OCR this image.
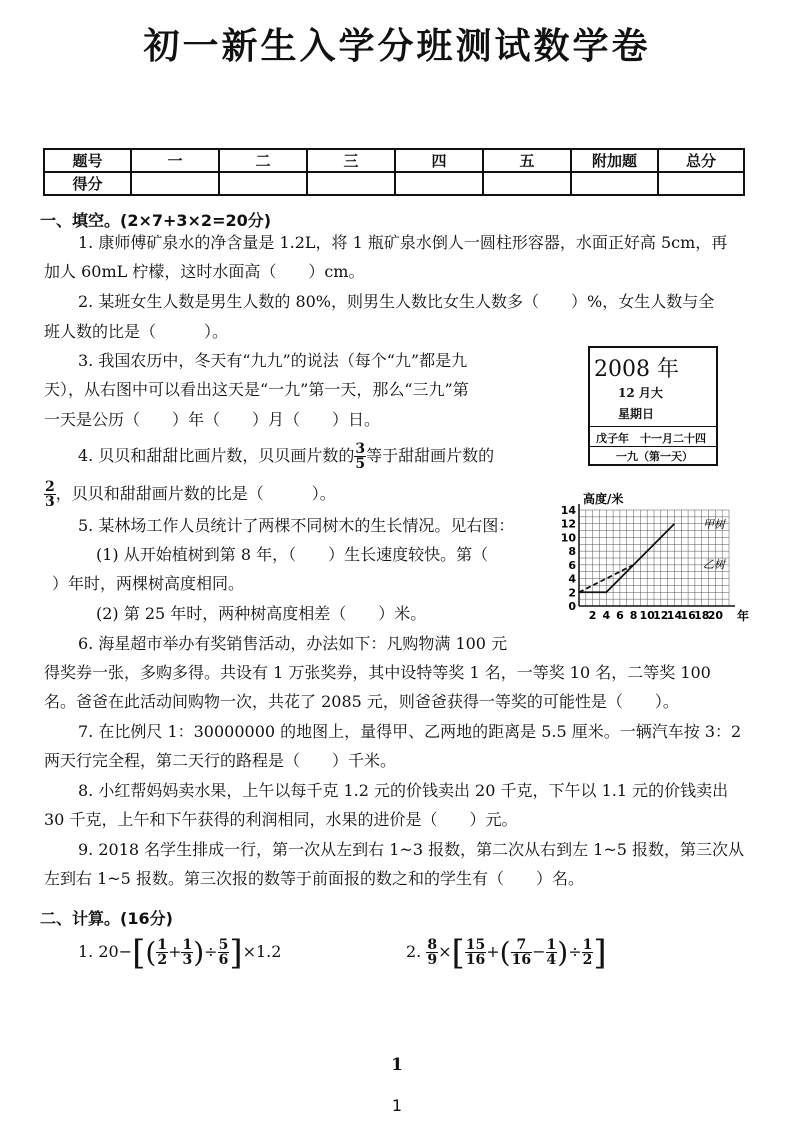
初一新生入学分班测试数学卷
题号	一	二	三	四	五	附加题	总分
得分							
一、填空。(2×7+3×2=20分)
1. 康师傅矿泉水的净含量是 1.2L，将 1 瓶矿泉水倒人一圆柱形容器，水面正好高 5cm，再
加人 60mL 柠檬，这时水面高（　　）cm。
2. 某班女生人数是男生人数的 80%，则男生人数比女生人数多（　　）%，女生人数与全
班人数的比是（　　　）。
3. 我国农历中，冬天有“九九”的说法（每个“九”都是九
天），从右图中可以看出这天是“一九”第一天，那么“三九”第
一天是公历（　　）年（　　）月（　　）日。
2008 年
12 月大
星期日
戊子年　十一月二十四
一九（第一天）
4. 贝贝和甜甜比画片数，贝贝画片数的 $\frac{3}{5}$ 等于甜甜画片数的
$\frac{2}{3}$ ，贝贝和甜甜画片数的比是（　　　）。
5. 某林场工作人员统计了两棵不同树木的生长情况。见右图：
(1) 从开始植树到第 8 年，（　　）生长速度较快。第（
）年时，两棵树高度相同。
(2) 第 25 年时，两种树高度相差（　　）米。	2 4 6 8 10
12
14
16
18
20
0
2
4
6
8
10
12
14
高度/米
年
甲树
乙树
6. 海星超市举办有奖销售活动，办法如下：凡购物满 100 元
得奖券一张，多购多得。共设有 1 万张奖券，其中设特等奖 1 名，一等奖 10 名，二等奖 100
名。爸爸在此活动间购物一次，共花了 2085 元，则爸爸获得一等奖的可能性是（　　）。
7. 在比例尺 1：30000000 的地图上，量得甲、乙两地的距离是 5.5 厘米。一辆汽车按 3：2
两天行完全程，第二天行的路程是（　　）千米。
8. 小红帮妈妈卖水果，上午以每千克 1.2 元的价钱卖出 20 千克，下午以 1.1 元的价钱卖出
30 千克，上午和下午获得的利润相同，水果的进价是（　　）元。
9. 2018 名学生排成一行，第一次从左到右 1~3 报数，第二次从右到左 1~5 报数，第三次从
左到右 1~5 报数。第三次报的数等于前面报的数之和的学生有（　　）名。
二、计算。(16分)
1. $20-[( \frac{1}{2} + \frac{1}{3}$ )÷ $\frac{5}{6} ]\times 1.2$	2. $\frac{8}{9}$ ×[ $\frac{15}{16}$ +( $\frac{7}{16} - \frac{1}{4}$ )÷ $\frac{1}{2}$ ]
1
1
